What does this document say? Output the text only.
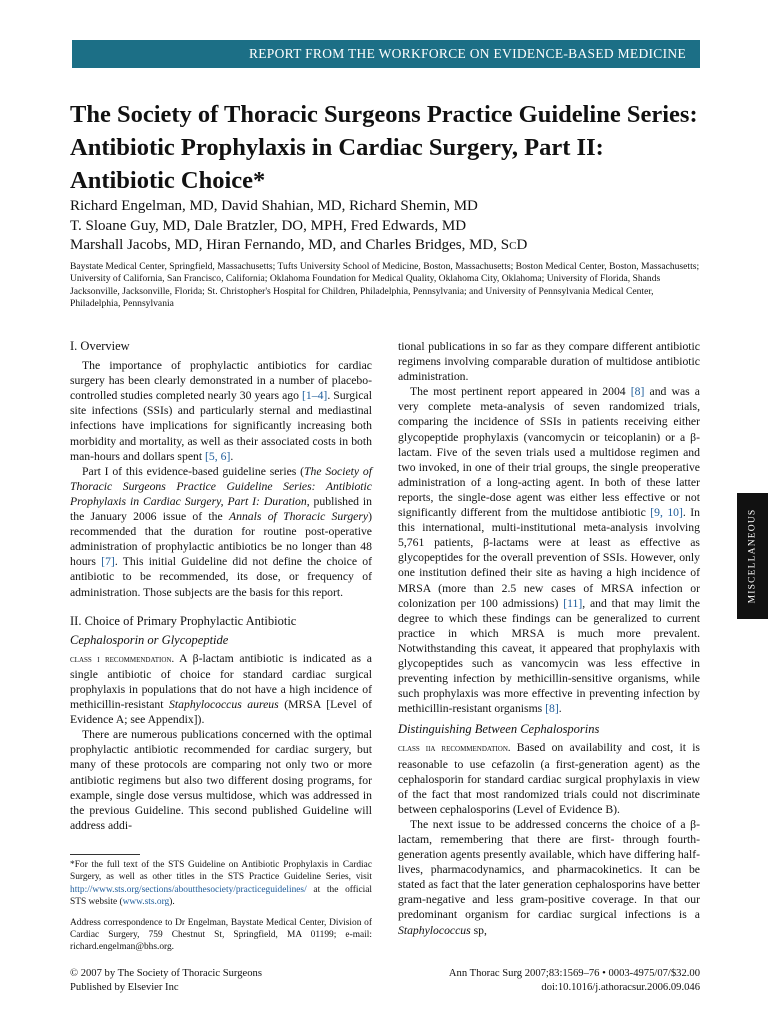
REPORT FROM THE WORKFORCE ON EVIDENCE-BASED MEDICINE
The Society of Thoracic Surgeons Practice Guideline Series: Antibiotic Prophylaxis in Cardiac Surgery, Part II: Antibiotic Choice*
Richard Engelman, MD, David Shahian, MD, Richard Shemin, MD
T. Sloane Guy, MD, Dale Bratzler, DO, MPH, Fred Edwards, MD
Marshall Jacobs, MD, Hiran Fernando, MD, and Charles Bridges, MD, ScD
Baystate Medical Center, Springfield, Massachusetts; Tufts University School of Medicine, Boston, Massachusetts; Boston Medical Center, Boston, Massachusetts; University of California, San Francisco, California; Oklahoma Foundation for Medical Quality, Oklahoma City, Oklahoma; University of Florida, Shands Jacksonville, Jacksonville, Florida; St. Christopher's Hospital for Children, Philadelphia, Pennsylvania; and University of Pennsylvania Medical Center, Philadelphia, Pennsylvania
I. Overview

The importance of prophylactic antibiotics for cardiac surgery has been clearly demonstrated in a number of placebo-controlled studies completed nearly 30 years ago [1–4]. Surgical site infections (SSIs) and particularly sternal and mediastinal infections have implications for significantly increasing both morbidity and mortality, as well as their associated costs in both man-hours and dollars spent [5, 6].

Part I of this evidence-based guideline series (The Society of Thoracic Surgeons Practice Guideline Series: Antibiotic Prophylaxis in Cardiac Surgery, Part I: Duration, published in the January 2006 issue of the Annals of Thoracic Surgery) recommended that the duration for routine post-operative administration of prophylactic antibiotics be no longer than 48 hours [7]. This initial Guideline did not define the choice of antibiotic to be recommended, its dose, or frequency of administration. Those subjects are the basis for this report.

II. Choice of Primary Prophylactic Antibiotic
Cephalosporin or Glycopeptide

class i recommendation. A β-lactam antibiotic is indicated as a single antibiotic of choice for standard cardiac surgical prophylaxis in populations that do not have a high incidence of methicillin-resistant Staphylococcus aureus (MRSA [Level of Evidence A; see Appendix]).

There are numerous publications concerned with the optimal prophylactic antibiotic recommended for cardiac surgery, but many of these protocols are comparing not only two or more antibiotic regimens but also two different dosing programs, for example, single dose versus multidose, which was addressed in the previous Guideline. This second published Guideline will address addi-

tional publications in so far as they compare different antibiotic regimens involving comparable duration of multidose antibiotic administration.

The most pertinent report appeared in 2004 [8] and was a very complete meta-analysis of seven randomized trials, comparing the incidence of SSIs in patients receiving either glycopeptide prophylaxis (vancomycin or teicoplanin) or a β-lactam. Five of the seven trials used a multidose regimen and two invoked, in one of their trial groups, the single preoperative administration of a long-acting agent. In both of these latter reports, the single-dose agent was either less effective or not significantly different from the multidose antibiotic [9, 10]. In this international, multi-institutional meta-analysis involving 5,761 patients, β-lactams were at least as effective as glycopeptides for the overall prevention of SSIs. However, only one institution defined their site as having a high incidence of MRSA (more than 2.5 new cases of MRSA infection or colonization per 100 admissions) [11], and that may limit the degree to which these findings can be generalized to current practice in which MRSA is much more prevalent. Notwithstanding this caveat, it appeared that prophylaxis with glycopeptides such as vancomycin was less effective in preventing infection by methicillin-sensitive organisms, while such prophylaxis was more effective in preventing infection by methicillin-resistant organisms [8].

Distinguishing Between Cephalosporins

class iia recommendation. Based on availability and cost, it is reasonable to use cefazolin (a first-generation agent) as the cephalosporin for standard cardiac surgical prophylaxis in view of the fact that most randomized trials could not discriminate between cephalosporins (Level of Evidence B).

The next issue to be addressed concerns the choice of a β-lactam, remembering that there are first- through fourth-generation agents presently available, which have differing half-lives, pharmacodynamics, and pharmacokinetics. It can be stated as fact that the later generation cephalosporins have better gram-negative and less gram-positive coverage. In that our predominant organism for cardiac surgical infections is a Staphylococcus sp,

*For the full text of the STS Guideline on Antibiotic Prophylaxis in Cardiac Surgery, as well as other titles in the STS Practice Guideline Series, visit http://www.sts.org/sections/aboutthesociety/practiceguidelines/ at the official STS website (www.sts.org).

Address correspondence to Dr Engelman, Baystate Medical Center, Division of Cardiac Surgery, 759 Chestnut St, Springfield, MA 01199; e-mail: richard.engelman@bhs.org.

© 2007 by The Society of Thoracic Surgeons
Published by Elsevier Inc
Ann Thorac Surg 2007;83:1569–76 • 0003-4975/07/$32.00
doi:10.1016/j.athoracsur.2006.09.046
MISCELLANEOUS
